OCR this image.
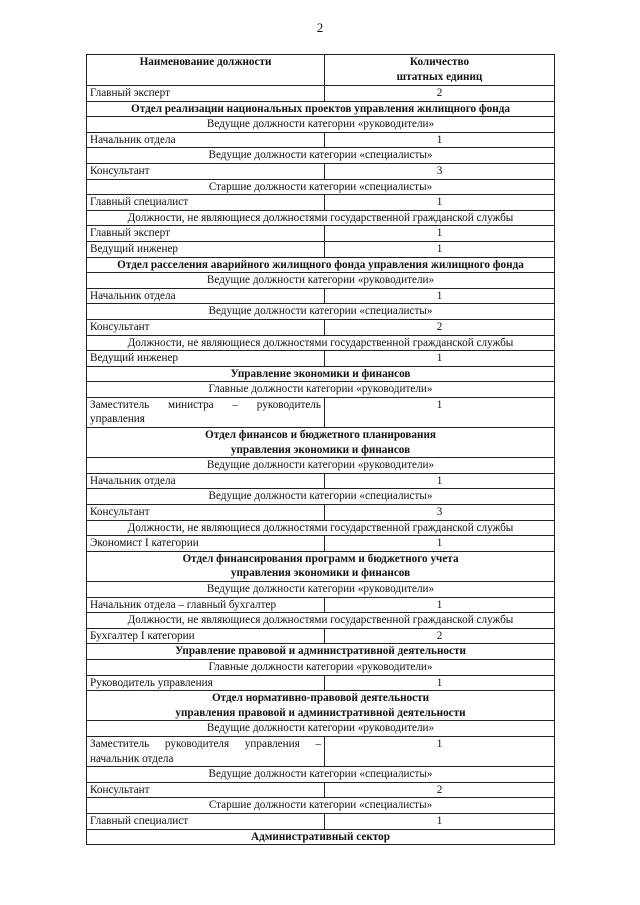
2
Наименование должности	Количество
штатных единиц
Главный эксперт	2
Отдел реализации национальных проектов управления жилищного фонда	
Ведущие должности категории «руководители»	
Начальник отдела	1
Ведущие должности категории «специалисты»	
Консультант	3
Старшие должности категории «специалисты»	
Главный специалист	1
Должности, не являющиеся должностями государственной гражданской службы	
Главный эксперт	1
Ведущий инженер	1
Отдел расселения аварийного жилищного фонда управления жилищного фонда	
Ведущие должности категории «руководители»	
Начальник отдела	1
Ведущие должности категории «специалисты»	
Консультант	2
Должности, не являющиеся должностями государственной гражданской службы	
Ведущий инженер	1
Управление экономики и финансов	
Главные должности категории «руководители»	
Заместитель министра – руководитель
управления	1
Отдел финансов и бюджетного планирования
управления экономики и финансов	
Ведущие должности категории «руководители»	
Начальник отдела	1
Ведущие должности категории «специалисты»	
Консультант	3
Должности, не являющиеся должностями государственной гражданской службы	
Экономист I категории	1
Отдел финансирования программ и бюджетного учета
управления экономики и финансов	
Ведущие должности категории «руководители»	
Начальник отдела – главный бухгалтер	1
Должности, не являющиеся должностями государственной гражданской службы	
Бухгалтер I категории	2
Управление правовой и административной деятельности	
Главные должности категории «руководители»	
Руководитель управления	1
Отдел нормативно-правовой деятельности
управления правовой и административной деятельности	
Ведущие должности категории «руководители»	
Заместитель руководителя управления –
начальник отдела	1
Ведущие должности категории «специалисты»	
Консультант	2
Старшие должности категории «специалисты»	
Главный специалист	1
Административный сектор	
